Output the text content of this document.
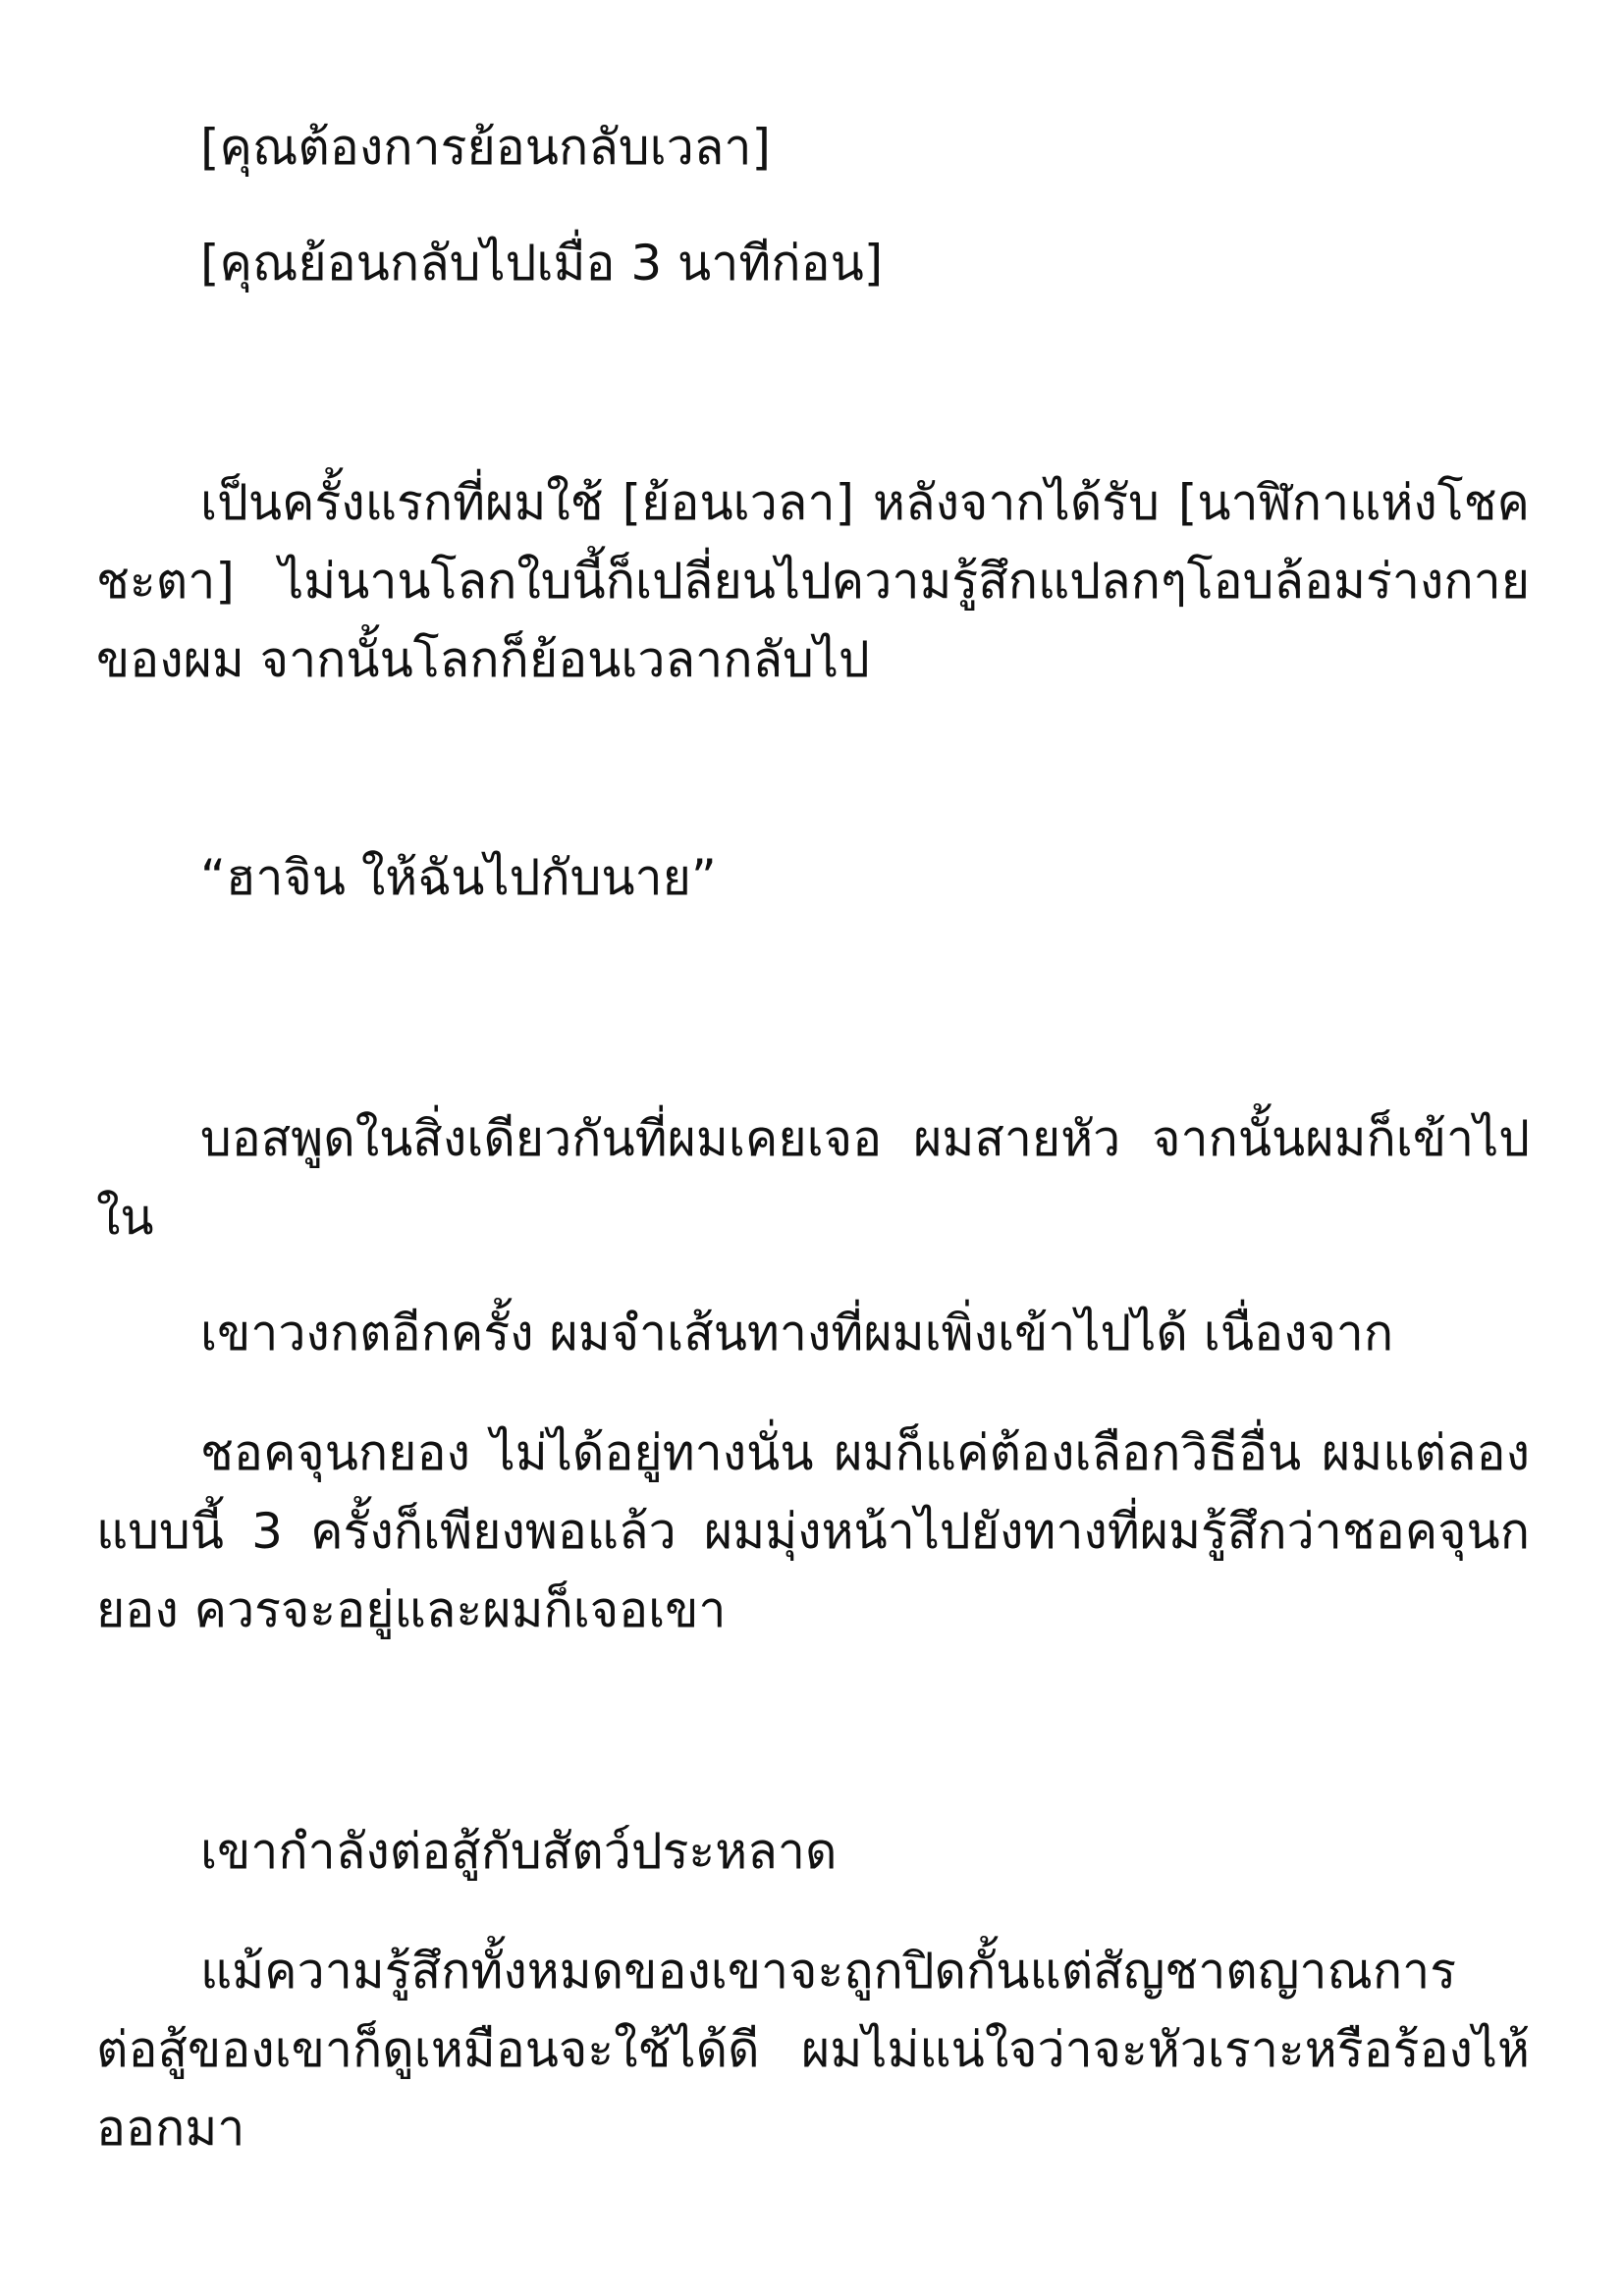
[คุณต้องการย้อนกลับเวลา]

[คุณย้อนกลับไปเมื่อ 3 นาทีก่อน]

เป็นครั้งแรกที่ผมใช้ [ย้อนเวลา] หลังจากได้รับ [นาฬิกาแห่งโชคชะตา] ไม่นานโลกใบนี้ก็เปลี่ยนไปความรู้สึกแปลกๆโอบล้อมร่างกายของผม จากนั้นโลกก็ย้อนเวลากลับไป

“ฮาจิน ให้ฉันไปกับนาย”

บอสพูดในสิ่งเดียวกันที่ผมเคยเจอ ผมสายหัว จากนั้นผมก็เข้าไปใน

เขาวงกตอีกครั้ง ผมจำเส้นทางที่ผมเพิ่งเข้าไปได้ เนื่องจาก

ชอคจุนกยอง ไม่ได้อยู่ทางนั่น ผมก็แค่ต้องเลือกวิธีอื่น ผมแต่ลองแบบนี้ 3 ครั้งก็เพียงพอแล้ว ผมมุ่งหน้าไปยังทางที่ผมรู้สึกว่าชอคจุนกยอง ควรจะอยู่และผมก็เจอเขา

เขากำลังต่อสู้กับสัตว์ประหลาด

แม้ความรู้สึกทั้งหมดของเขาจะถูกปิดกั้นแต่สัญชาตญาณการต่อสู้ของเขาก็ดูเหมือนจะใช้ได้ดี ผมไม่แน่ใจว่าจะหัวเราะหรือร้องไห้ออกมา
